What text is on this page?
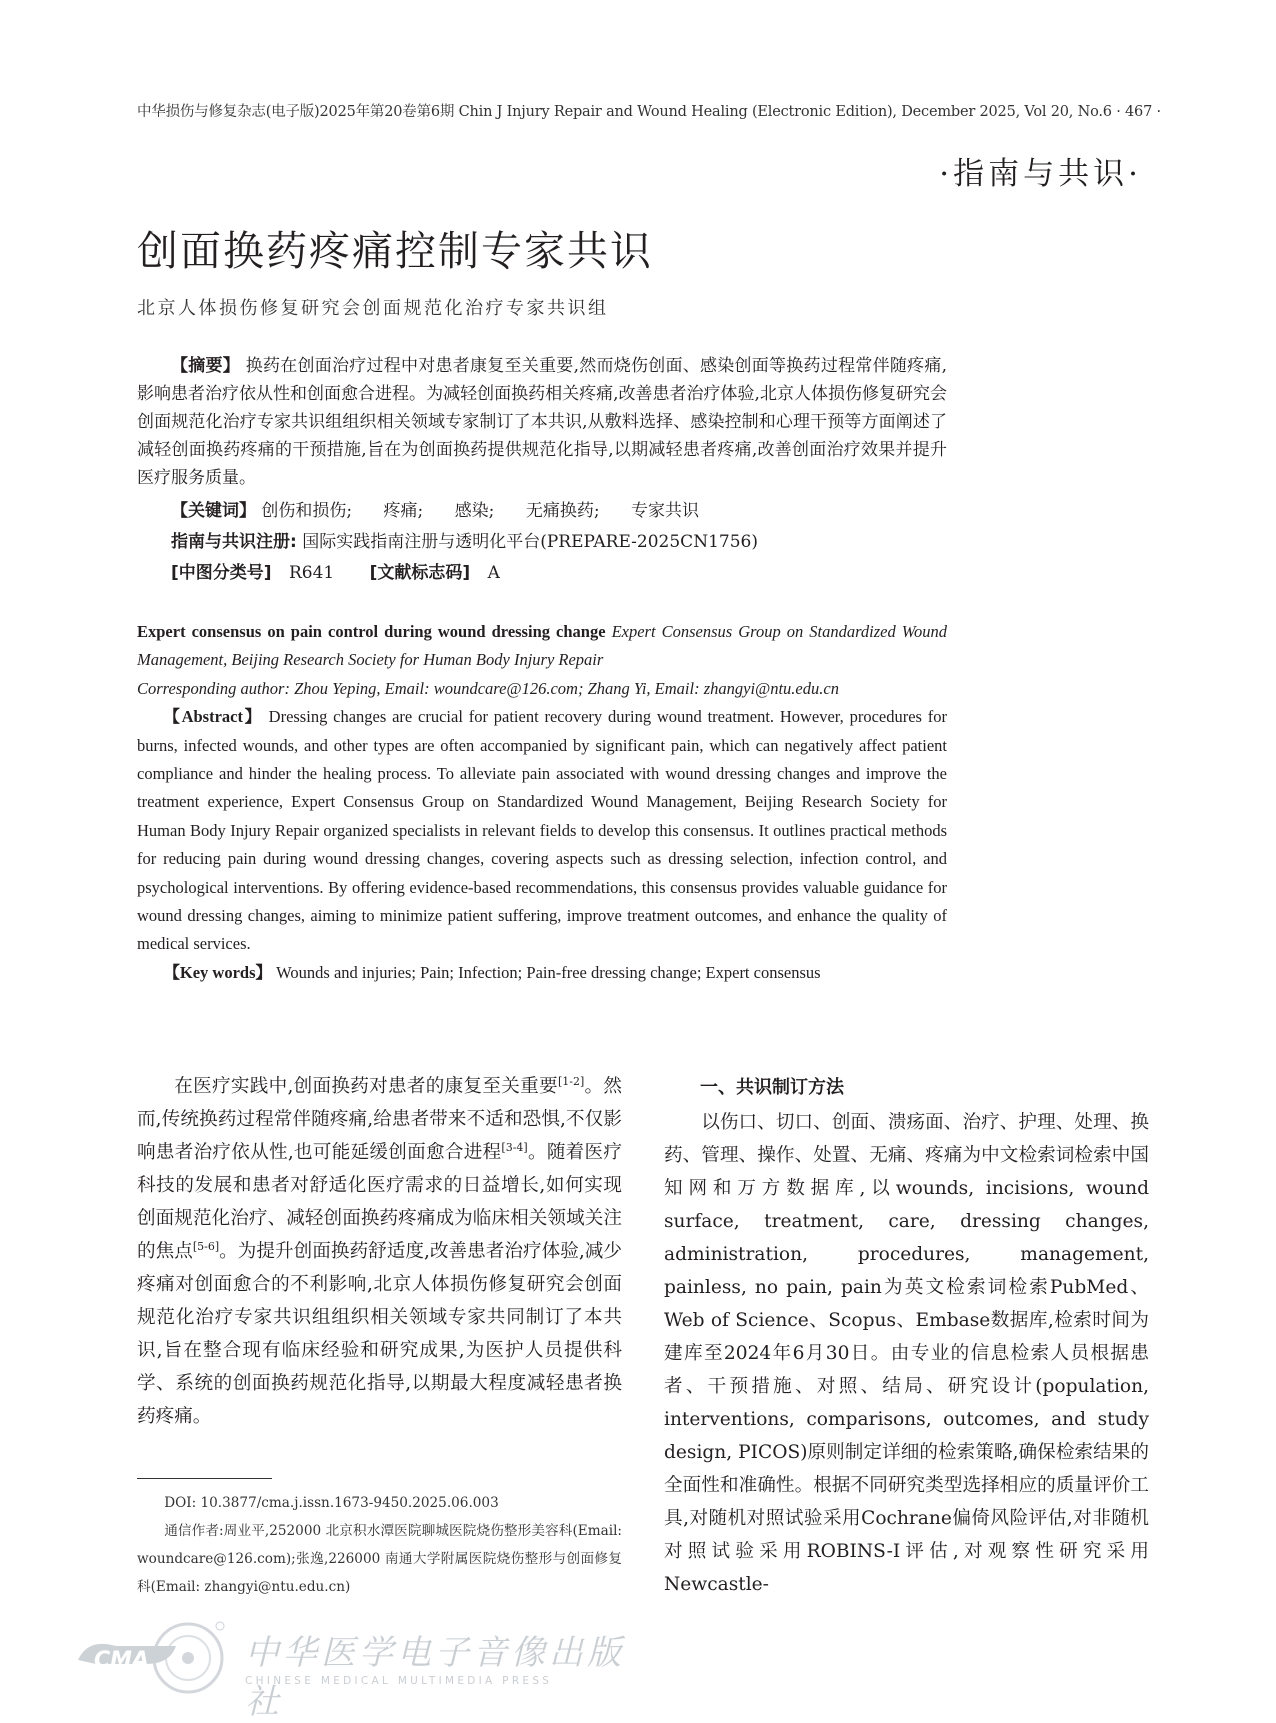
中华损伤与修复杂志(电子版)2025年第20卷第6期 Chin J Injury Repair and Wound Healing (Electronic Edition), December 2025, Vol 20, No.6 · 467 ·
·指南与共识·
创面换药疼痛控制专家共识
北京人体损伤修复研究会创面规范化治疗专家共识组
【摘要】 换药在创面治疗过程中对患者康复至关重要,然而烧伤创面、感染创面等换药过程常伴随疼痛,影响患者治疗依从性和创面愈合进程。为减轻创面换药相关疼痛,改善患者治疗体验,北京人体损伤修复研究会创面规范化治疗专家共识组组织相关领域专家制订了本共识,从敷料选择、感染控制和心理干预等方面阐述了减轻创面换药疼痛的干预措施,旨在为创面换药提供规范化指导,以期减轻患者疼痛,改善创面治疗效果并提升医疗服务质量。
【关键词】 创伤和损伤; 疼痛; 感染; 无痛换药; 专家共识
指南与共识注册: 国际实践指南注册与透明化平台(PREPARE-2025CN1756)
[中图分类号] R641 [文献标志码] A
Expert consensus on pain control during wound dressing change Expert Consensus Group on Standardized Wound Management, Beijing Research Society for Human Body Injury Repair
Corresponding author: Zhou Yeping, Email: woundcare@126.com; Zhang Yi, Email: zhangyi@ntu.edu.cn
【Abstract】 Dressing changes are crucial for patient recovery during wound treatment. However, procedures for burns, infected wounds, and other types are often accompanied by significant pain, which can negatively affect patient compliance and hinder the healing process. To alleviate pain associated with wound dressing changes and improve the treatment experience, Expert Consensus Group on Standardized Wound Management, Beijing Research Society for Human Body Injury Repair organized specialists in relevant fields to develop this consensus. It outlines practical methods for reducing pain during wound dressing changes, covering aspects such as dressing selection, infection control, and psychological interventions. By offering evidence-based recommendations, this consensus provides valuable guidance for wound dressing changes, aiming to minimize patient suffering, improve treatment outcomes, and enhance the quality of medical services.
【Key words】 Wounds and injuries; Pain; Infection; Pain-free dressing change; Expert consensus

在医疗实践中,创面换药对患者的康复至关重要[1-2]。然而,传统换药过程常伴随疼痛,给患者带来不适和恐惧,不仅影响患者治疗依从性,也可能延缓创面愈合进程[3-4]。随着医疗科技的发展和患者对舒适化医疗需求的日益增长,如何实现创面规范化治疗、减轻创面换药疼痛成为临床相关领域关注的焦点[5-6]。为提升创面换药舒适度,改善患者治疗体验,减少疼痛对创面愈合的不利影响,北京人体损伤修复研究会创面规范化治疗专家共识组组织相关领域专家共同制订了本共识,旨在整合现有临床经验和研究成果,为医护人员提供科学、系统的创面换药规范化指导,以期最大程度减轻患者换药疼痛。

一、共识制订方法

以伤口、切口、创面、溃疡面、治疗、护理、处理、换药、管理、操作、处置、无痛、疼痛为中文检索词检索中国知网和万方数据库,以wounds, incisions, wound surface, treatment, care, dressing changes, administration, procedures, management, painless, no pain, pain为英文检索词检索PubMed、Web of Science、Scopus、Embase数据库,检索时间为建库至2024年6月30日。由专业的信息检索人员根据患者、干预措施、对照、结局、研究设计(population, interventions, comparisons, outcomes, and study design, PICOS)原则制定详细的检索策略,确保检索结果的全面性和准确性。根据不同研究类型选择相应的质量评价工具,对随机对照试验采用Cochrane偏倚风险评估,对非随机对照试验采用ROBINS-I评估,对观察性研究采用 Newcastle-

DOI: 10.3877/cma.j.issn.1673-9450.2025.06.003

通信作者:周业平,252000 北京积水潭医院聊城医院烧伤整形美容科(Email: woundcare@126.com);张逸,226000 南通大学附属医院烧伤整形与创面修复科(Email: zhangyi@ntu.edu.cn)

CMA	中华医学电子音像出版社
CHINESE MEDICAL MULTIMEDIA PRESS
